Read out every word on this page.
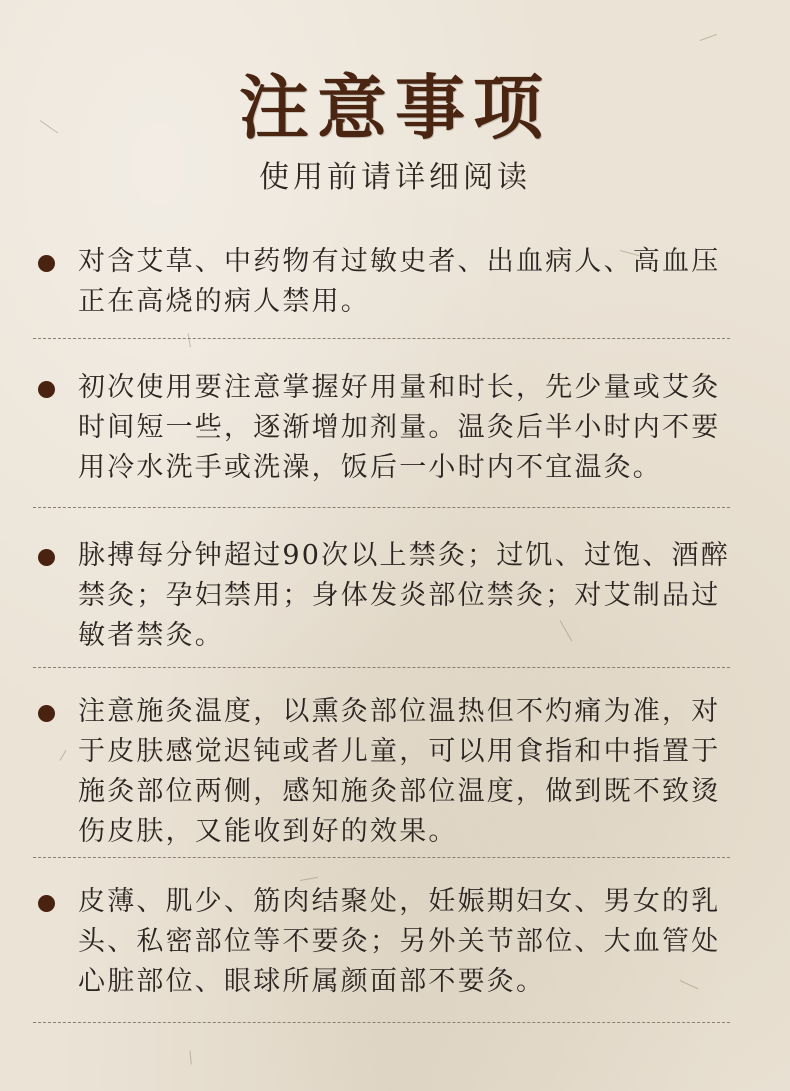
注意事项
使用前请详细阅读
对含艾草、中药物有过敏史者、出血病人、高血压正在高烧的病人禁用。
初次使用要注意掌握好用量和时长，先少量或艾灸时间短一些，逐渐增加剂量。温灸后半小时内不要用冷水洗手或洗澡，饭后一小时内不宜温灸。
脉搏每分钟超过90次以上禁灸；过饥、过饱、酒醉禁灸；孕妇禁用；身体发炎部位禁灸；对艾制品过敏者禁灸。
注意施灸温度，以熏灸部位温热但不灼痛为准，对于皮肤感觉迟钝或者儿童，可以用食指和中指置于施灸部位两侧，感知施灸部位温度，做到既不致烫伤皮肤，又能收到好的效果。
皮薄、肌少、筋肉结聚处，妊娠期妇女、男女的乳头、私密部位等不要灸；另外关节部位、大血管处心脏部位、眼球所属颜面部不要灸。
